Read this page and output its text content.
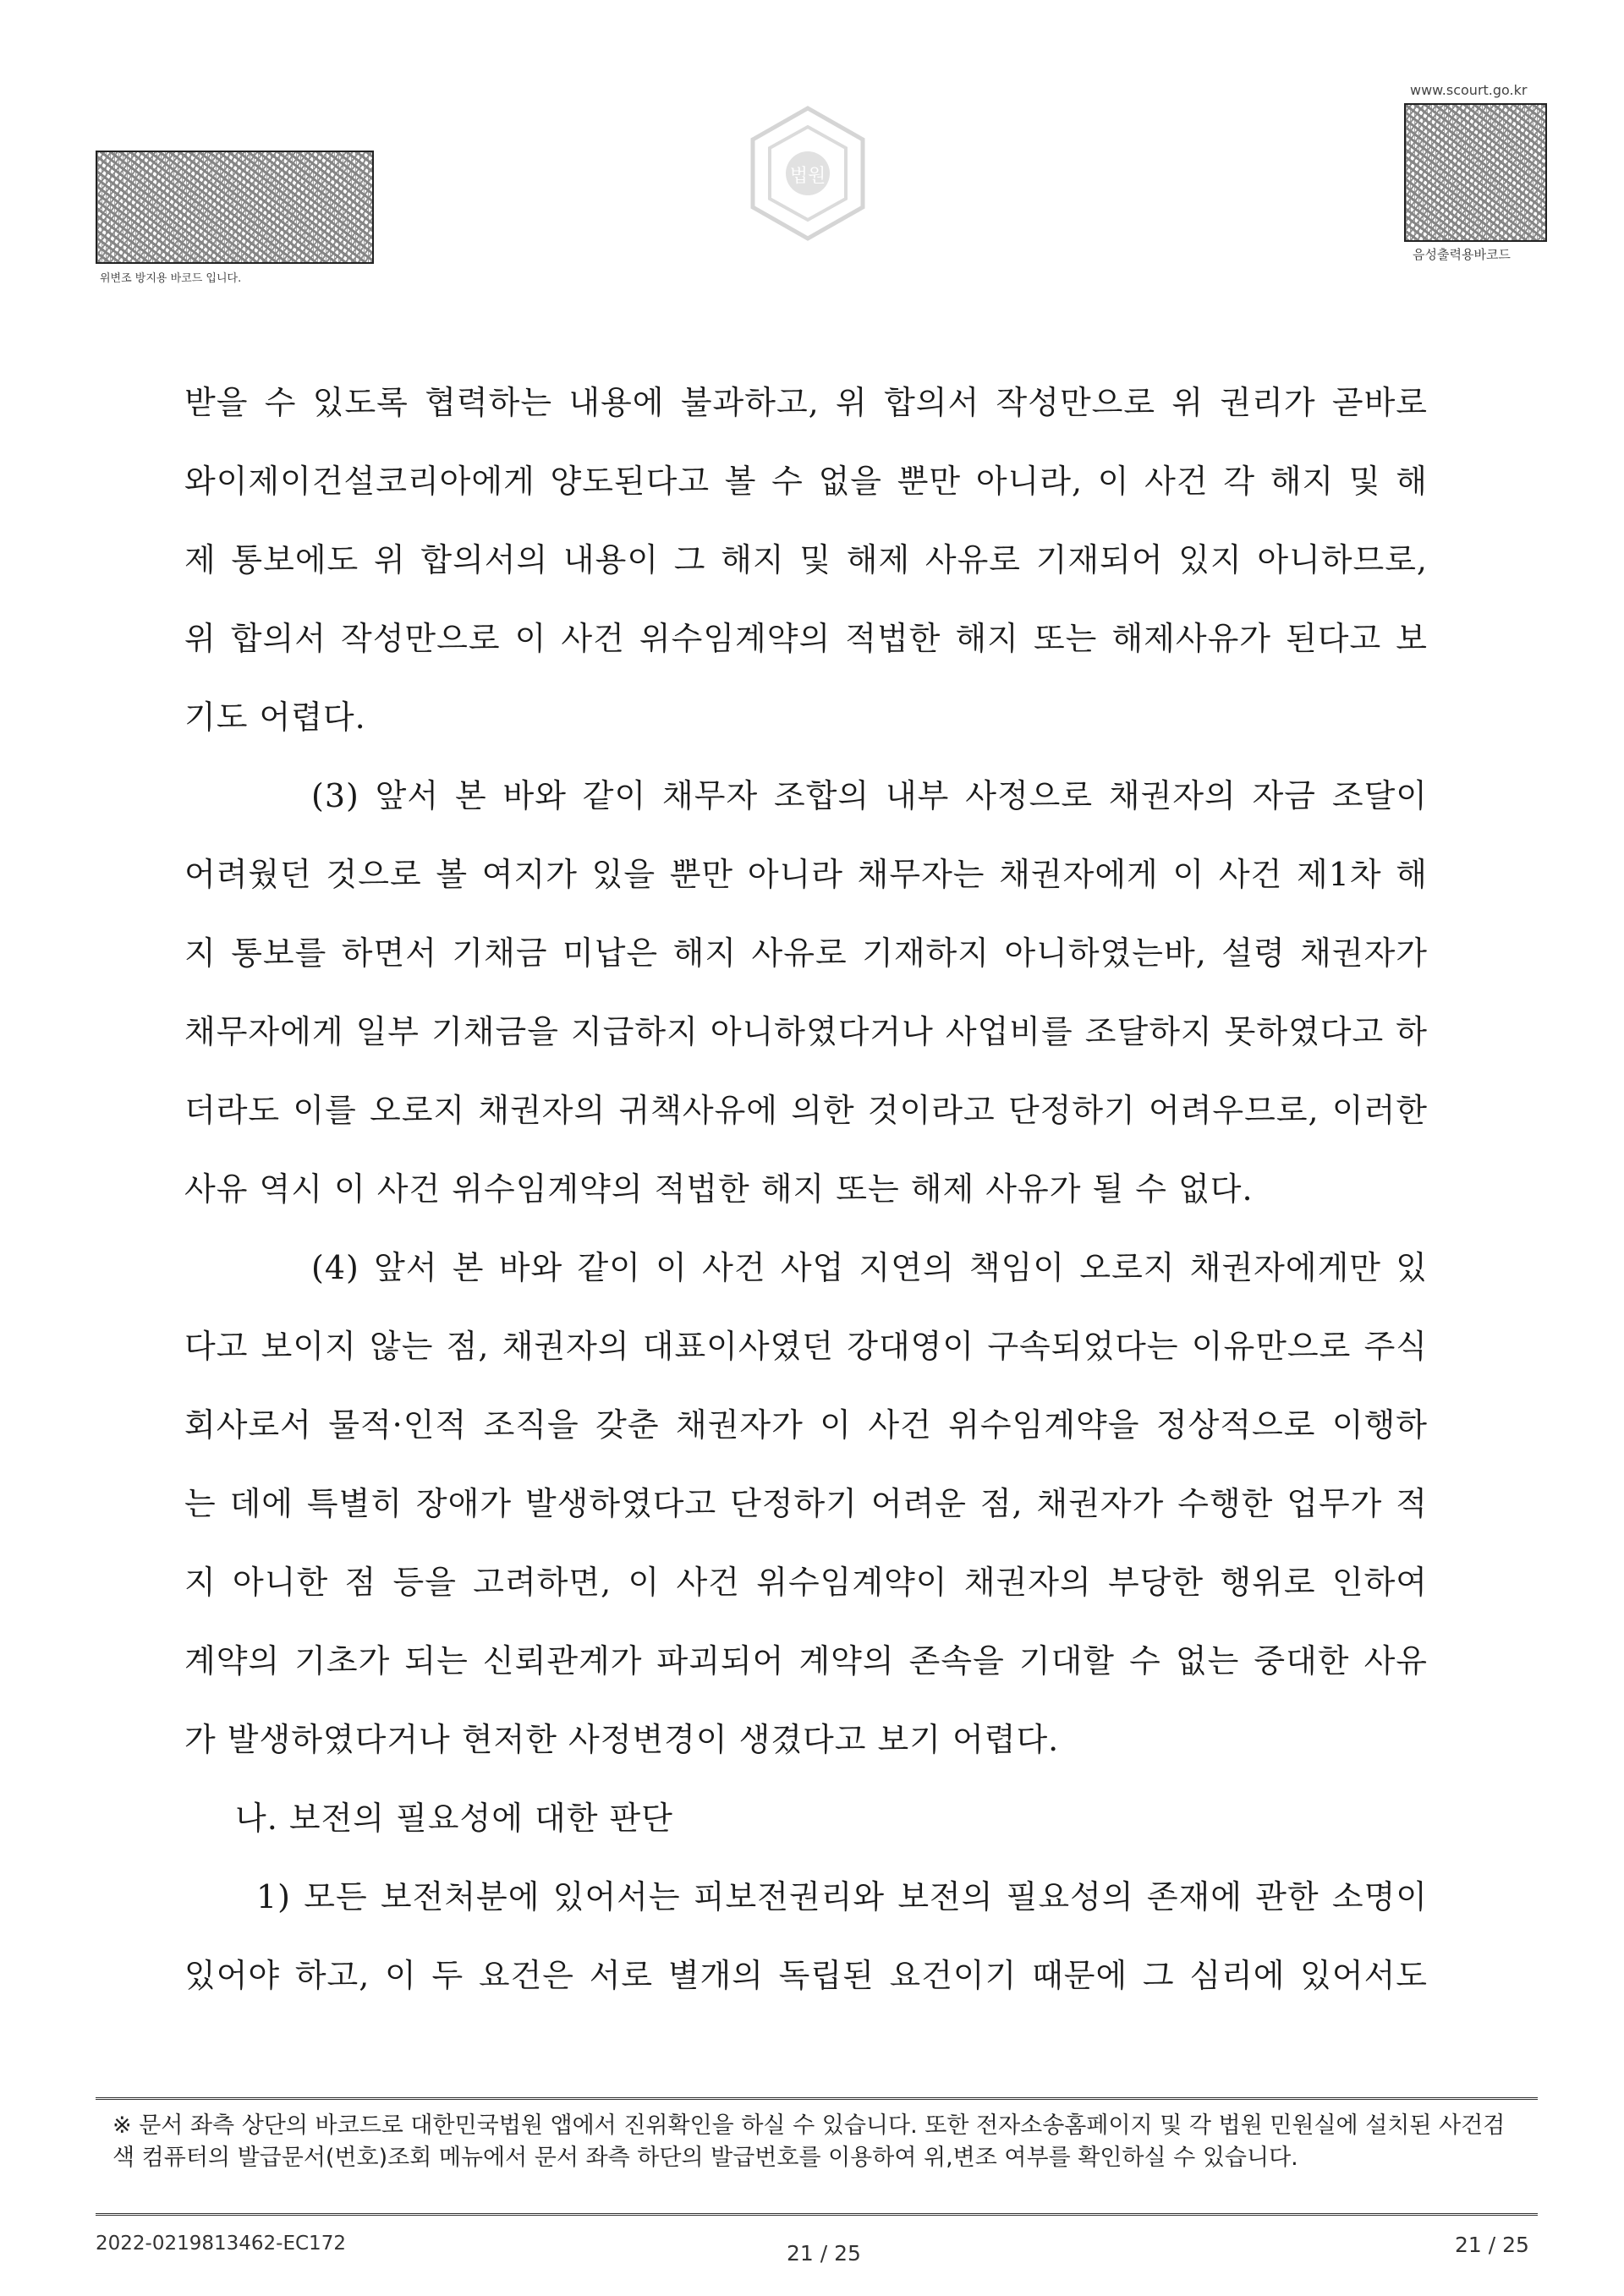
위변조 방지용 바코드 입니다.
www.scourt.go.kr
음성출력용바코드
법원
받을 수 있도록 협력하는 내용에 불과하고, 위 합의서 작성만으로 위 권리가 곧바로
와이제이건설코리아에게 양도된다고 볼 수 없을 뿐만 아니라, 이 사건 각 해지 및 해
제 통보에도 위 합의서의 내용이 그 해지 및 해제 사유로 기재되어 있지 아니하므로,
위 합의서 작성만으로 이 사건 위수임계약의 적법한 해지 또는 해제사유가 된다고 보
기도 어렵다.
(3) 앞서 본 바와 같이 채무자 조합의 내부 사정으로 채권자의 자금 조달이
어려웠던 것으로 볼 여지가 있을 뿐만 아니라 채무자는 채권자에게 이 사건 제1차 해
지 통보를 하면서 기채금 미납은 해지 사유로 기재하지 아니하였는바, 설령 채권자가
채무자에게 일부 기채금을 지급하지 아니하였다거나 사업비를 조달하지 못하였다고 하
더라도 이를 오로지 채권자의 귀책사유에 의한 것이라고 단정하기 어려우므로, 이러한
사유 역시 이 사건 위수임계약의 적법한 해지 또는 해제 사유가 될 수 없다.
(4) 앞서 본 바와 같이 이 사건 사업 지연의 책임이 오로지 채권자에게만 있
다고 보이지 않는 점, 채권자의 대표이사였던 강대영이 구속되었다는 이유만으로 주식
회사로서 물적·인적 조직을 갖춘 채권자가 이 사건 위수임계약을 정상적으로 이행하
는 데에 특별히 장애가 발생하였다고 단정하기 어려운 점, 채권자가 수행한 업무가 적
지 아니한 점 등을 고려하면, 이 사건 위수임계약이 채권자의 부당한 행위로 인하여
계약의 기초가 되는 신뢰관계가 파괴되어 계약의 존속을 기대할 수 없는 중대한 사유
가 발생하였다거나 현저한 사정변경이 생겼다고 보기 어렵다.
나. 보전의 필요성에 대한 판단
1) 모든 보전처분에 있어서는 피보전권리와 보전의 필요성의 존재에 관한 소명이
있어야 하고, 이 두 요건은 서로 별개의 독립된 요건이기 때문에 그 심리에 있어서도
※ 문서 좌측 상단의 바코드로 대한민국법원 앱에서 진위확인을 하실 수 있습니다. 또한 전자소송홈페이지 및 각 법원 민원실에 설치된 사건검색 컴퓨터의 발급문서(번호)조회 메뉴에서 문서 좌측 하단의 발급번호를 이용하여 위,변조 여부를 확인하실 수 있습니다.
2022-0219813462-EC172	21 / 25	21 / 25
